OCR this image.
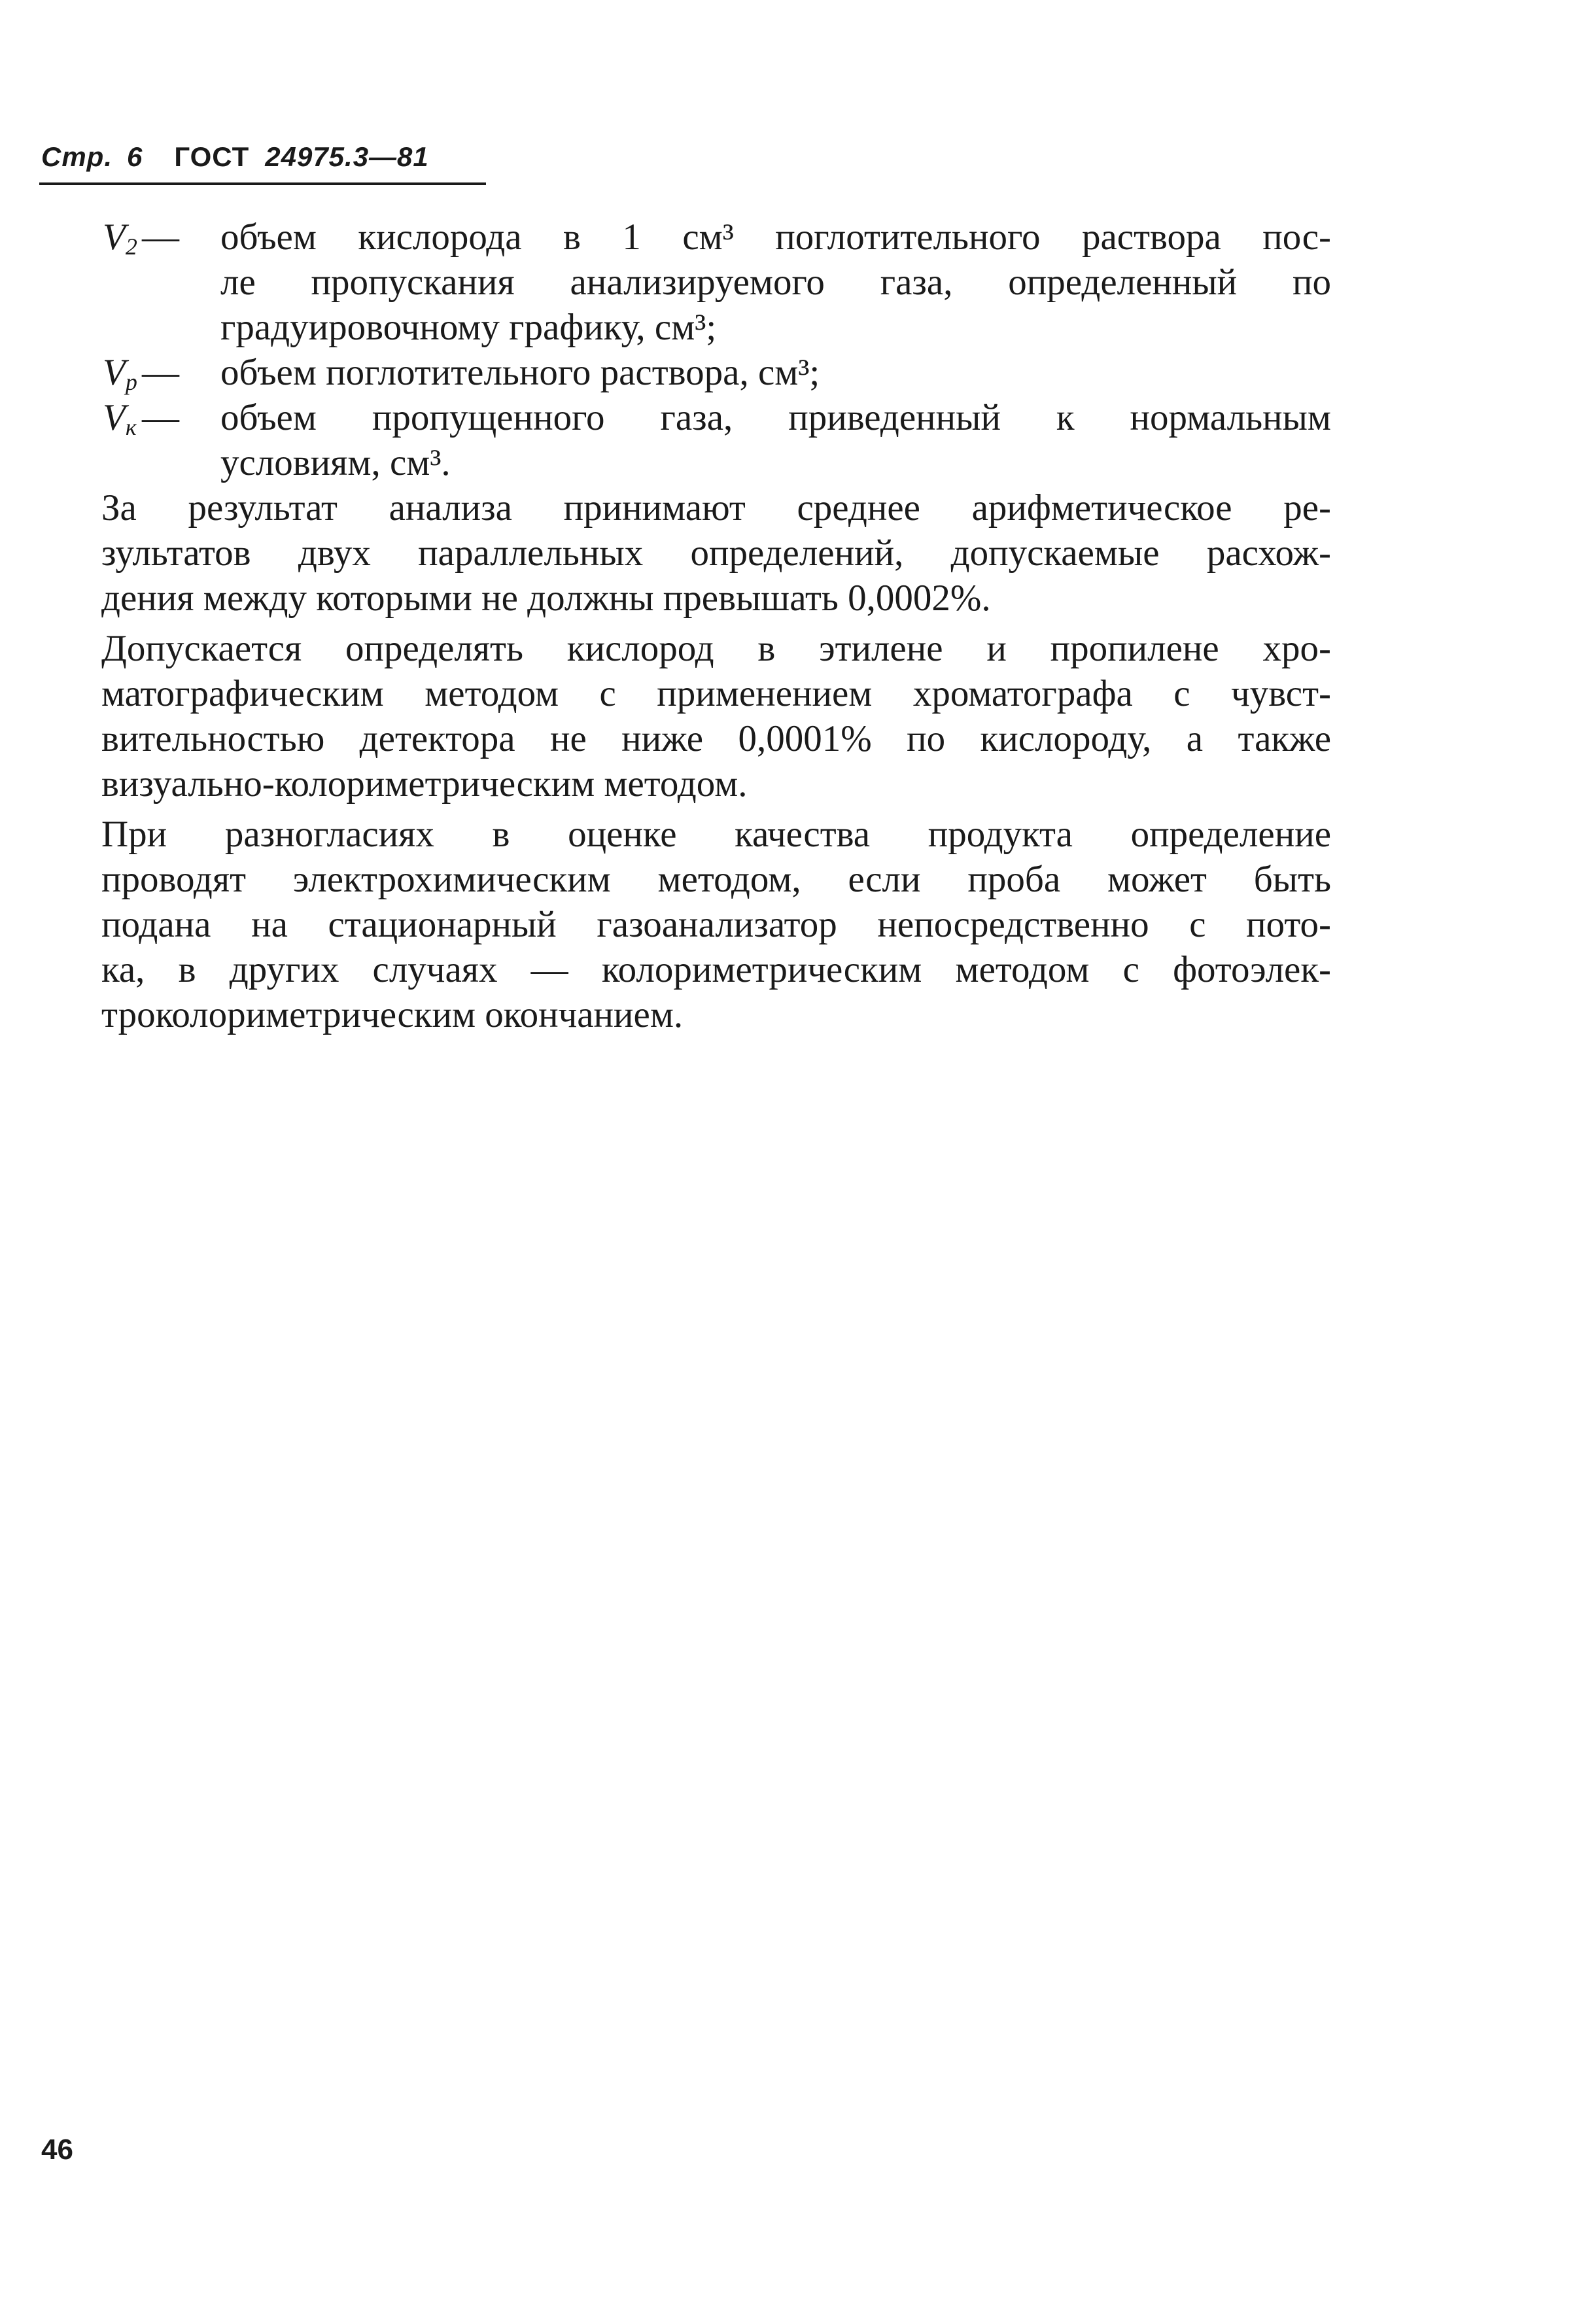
Стр. 6 ГОСТ 24975.3—81
$V_2$ — объем кислорода в 1 см³ поглотительного раствора пос-
ле пропускания анализируемого газа, определенный по
градуировочному графику, см³;
$V_p$ — объем поглотительного раствора, см³;
$V_к$ — объем пропущенного газа, приведенный к нормальным
условиям, см³.
За результат анализа принимают среднее арифметическое ре-
зультатов двух параллельных определений, допускаемые расхож-
дения между которыми не должны превышать 0,0002%.
Допускается определять кислород в этилене и пропилене хро-
матографическим методом с применением хроматографа с чувст-
вительностью детектора не ниже 0,0001% по кислороду, а также
визуально-колориметрическим методом.
При разногласиях в оценке качества продукта определение
проводят электрохимическим методом, если проба может быть
подана на стационарный газоанализатор непосредственно с пото-
ка, в других случаях — колориметрическим методом с фотоэлек-
троколориметрическим окончанием.
46
